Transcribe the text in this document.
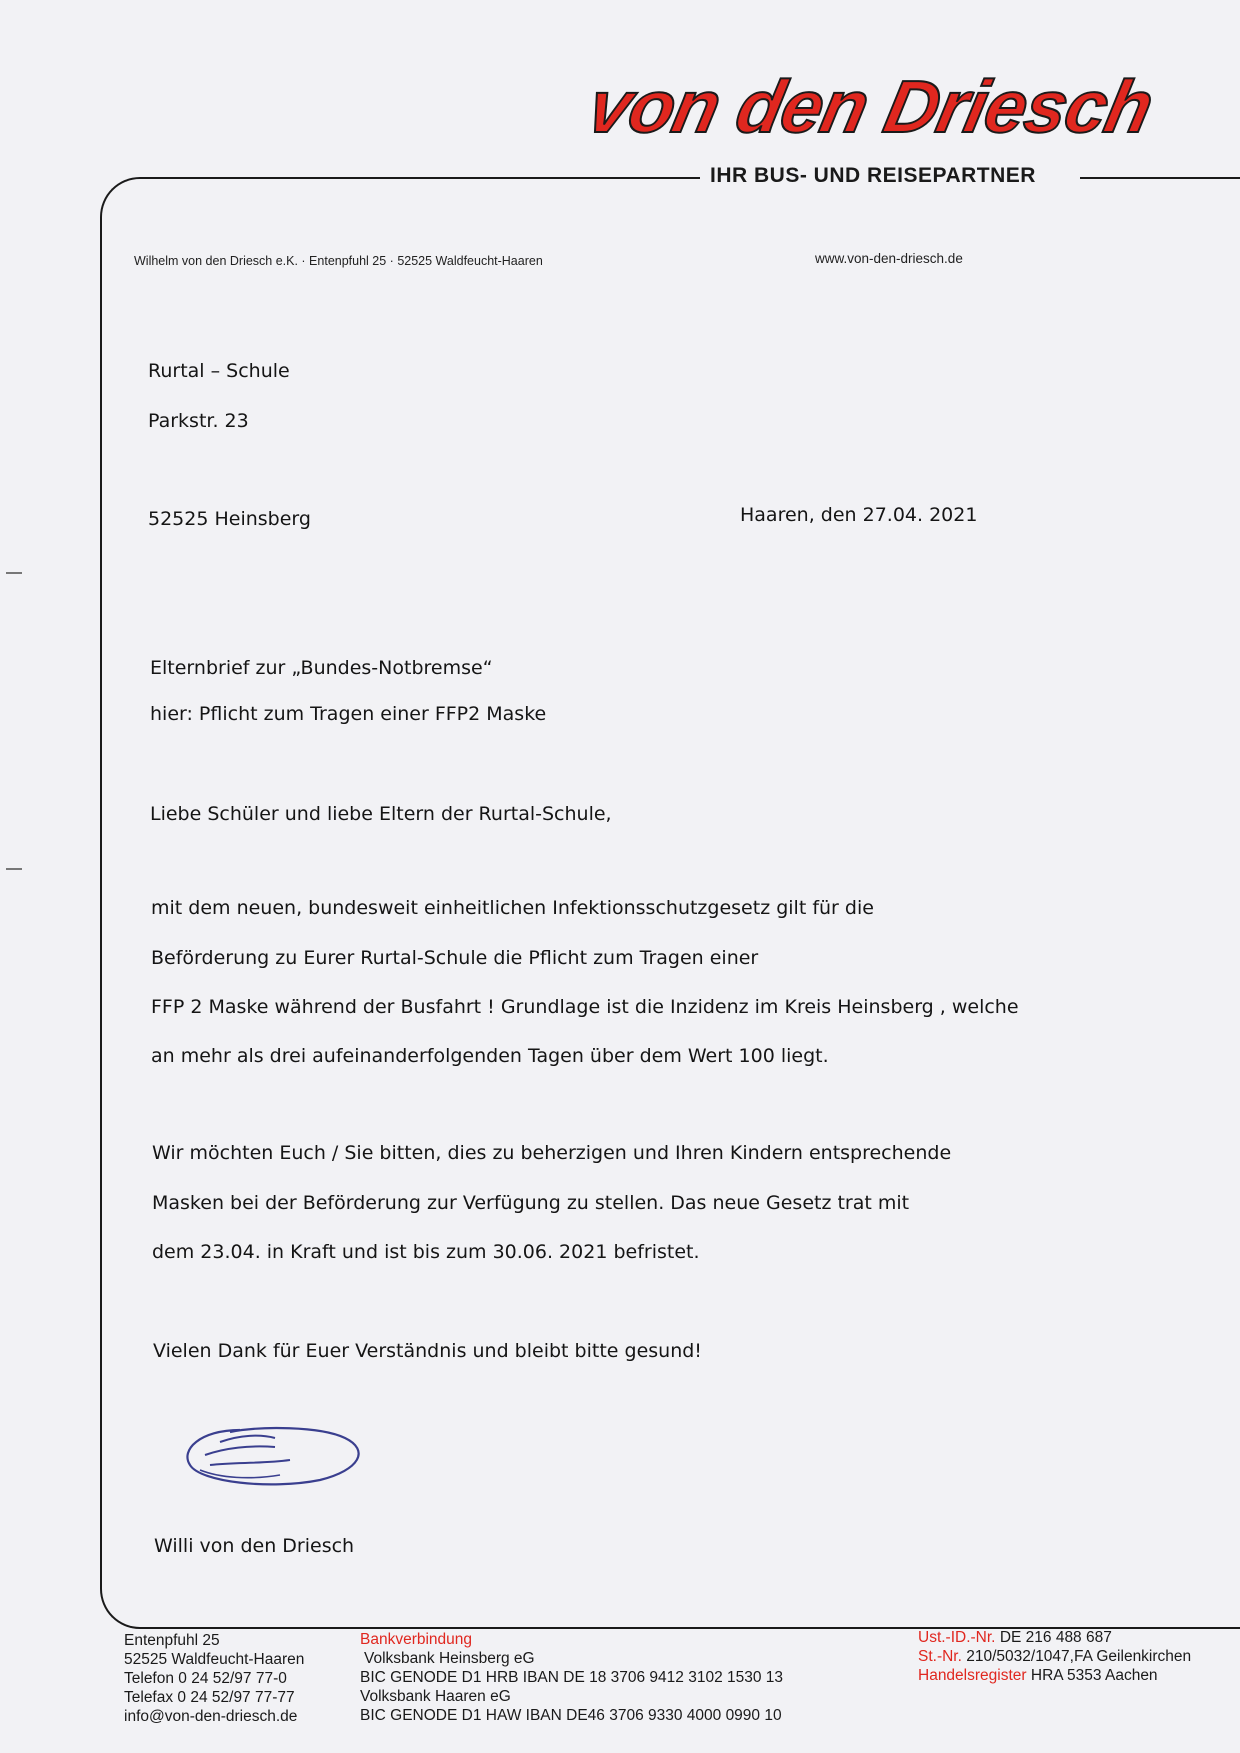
von den Driesch
IHR BUS- UND REISEPARTNER
Wilhelm von den Driesch e.K. · Entenpfuhl 25 · 52525 Waldfeucht-Haaren	www.von-den-driesch.de
Rurtal – Schule
Parkstr. 23
52525 Heinsberg	Haaren, den 27.04. 2021
Elternbrief zur „Bundes-Notbremse“
hier: Pflicht zum Tragen einer FFP2 Maske
Liebe Schüler und liebe Eltern der Rurtal-Schule,
mit dem neuen, bundesweit einheitlichen Infektionsschutzgesetz gilt für die
Beförderung zu Eurer Rurtal-Schule die Pflicht zum Tragen einer
FFP 2 Maske während der Busfahrt ! Grundlage ist die Inzidenz im Kreis Heinsberg , welche
an mehr als drei aufeinanderfolgenden Tagen über dem Wert 100 liegt.
Wir möchten Euch / Sie bitten, dies zu beherzigen und Ihren Kindern entsprechende
Masken bei der Beförderung zur Verfügung zu stellen. Das neue Gesetz trat mit
dem 23.04. in Kraft und ist bis zum 30.06. 2021 befristet.
Vielen Dank für Euer Verständnis und bleibt bitte gesund!
Willi von den Driesch
Entenpfuhl 25
52525 Waldfeucht-Haaren
Telefon 0 24 52/97 77-0
Telefax 0 24 52/97 77-77
info@von-den-driesch.de
Bankverbindung
Volksbank Heinsberg eG
BIC GENODE D1 HRB IBAN DE 18 3706 9412 3102 1530 13
Volksbank Haaren eG
BIC GENODE D1 HAW IBAN DE46 3706 9330 4000 0990 10
Ust.-ID.-Nr. DE 216 488 687
St.-Nr. 210/5032/1047,FA Geilenkirchen
Handelsregister HRA 5353 Aachen
